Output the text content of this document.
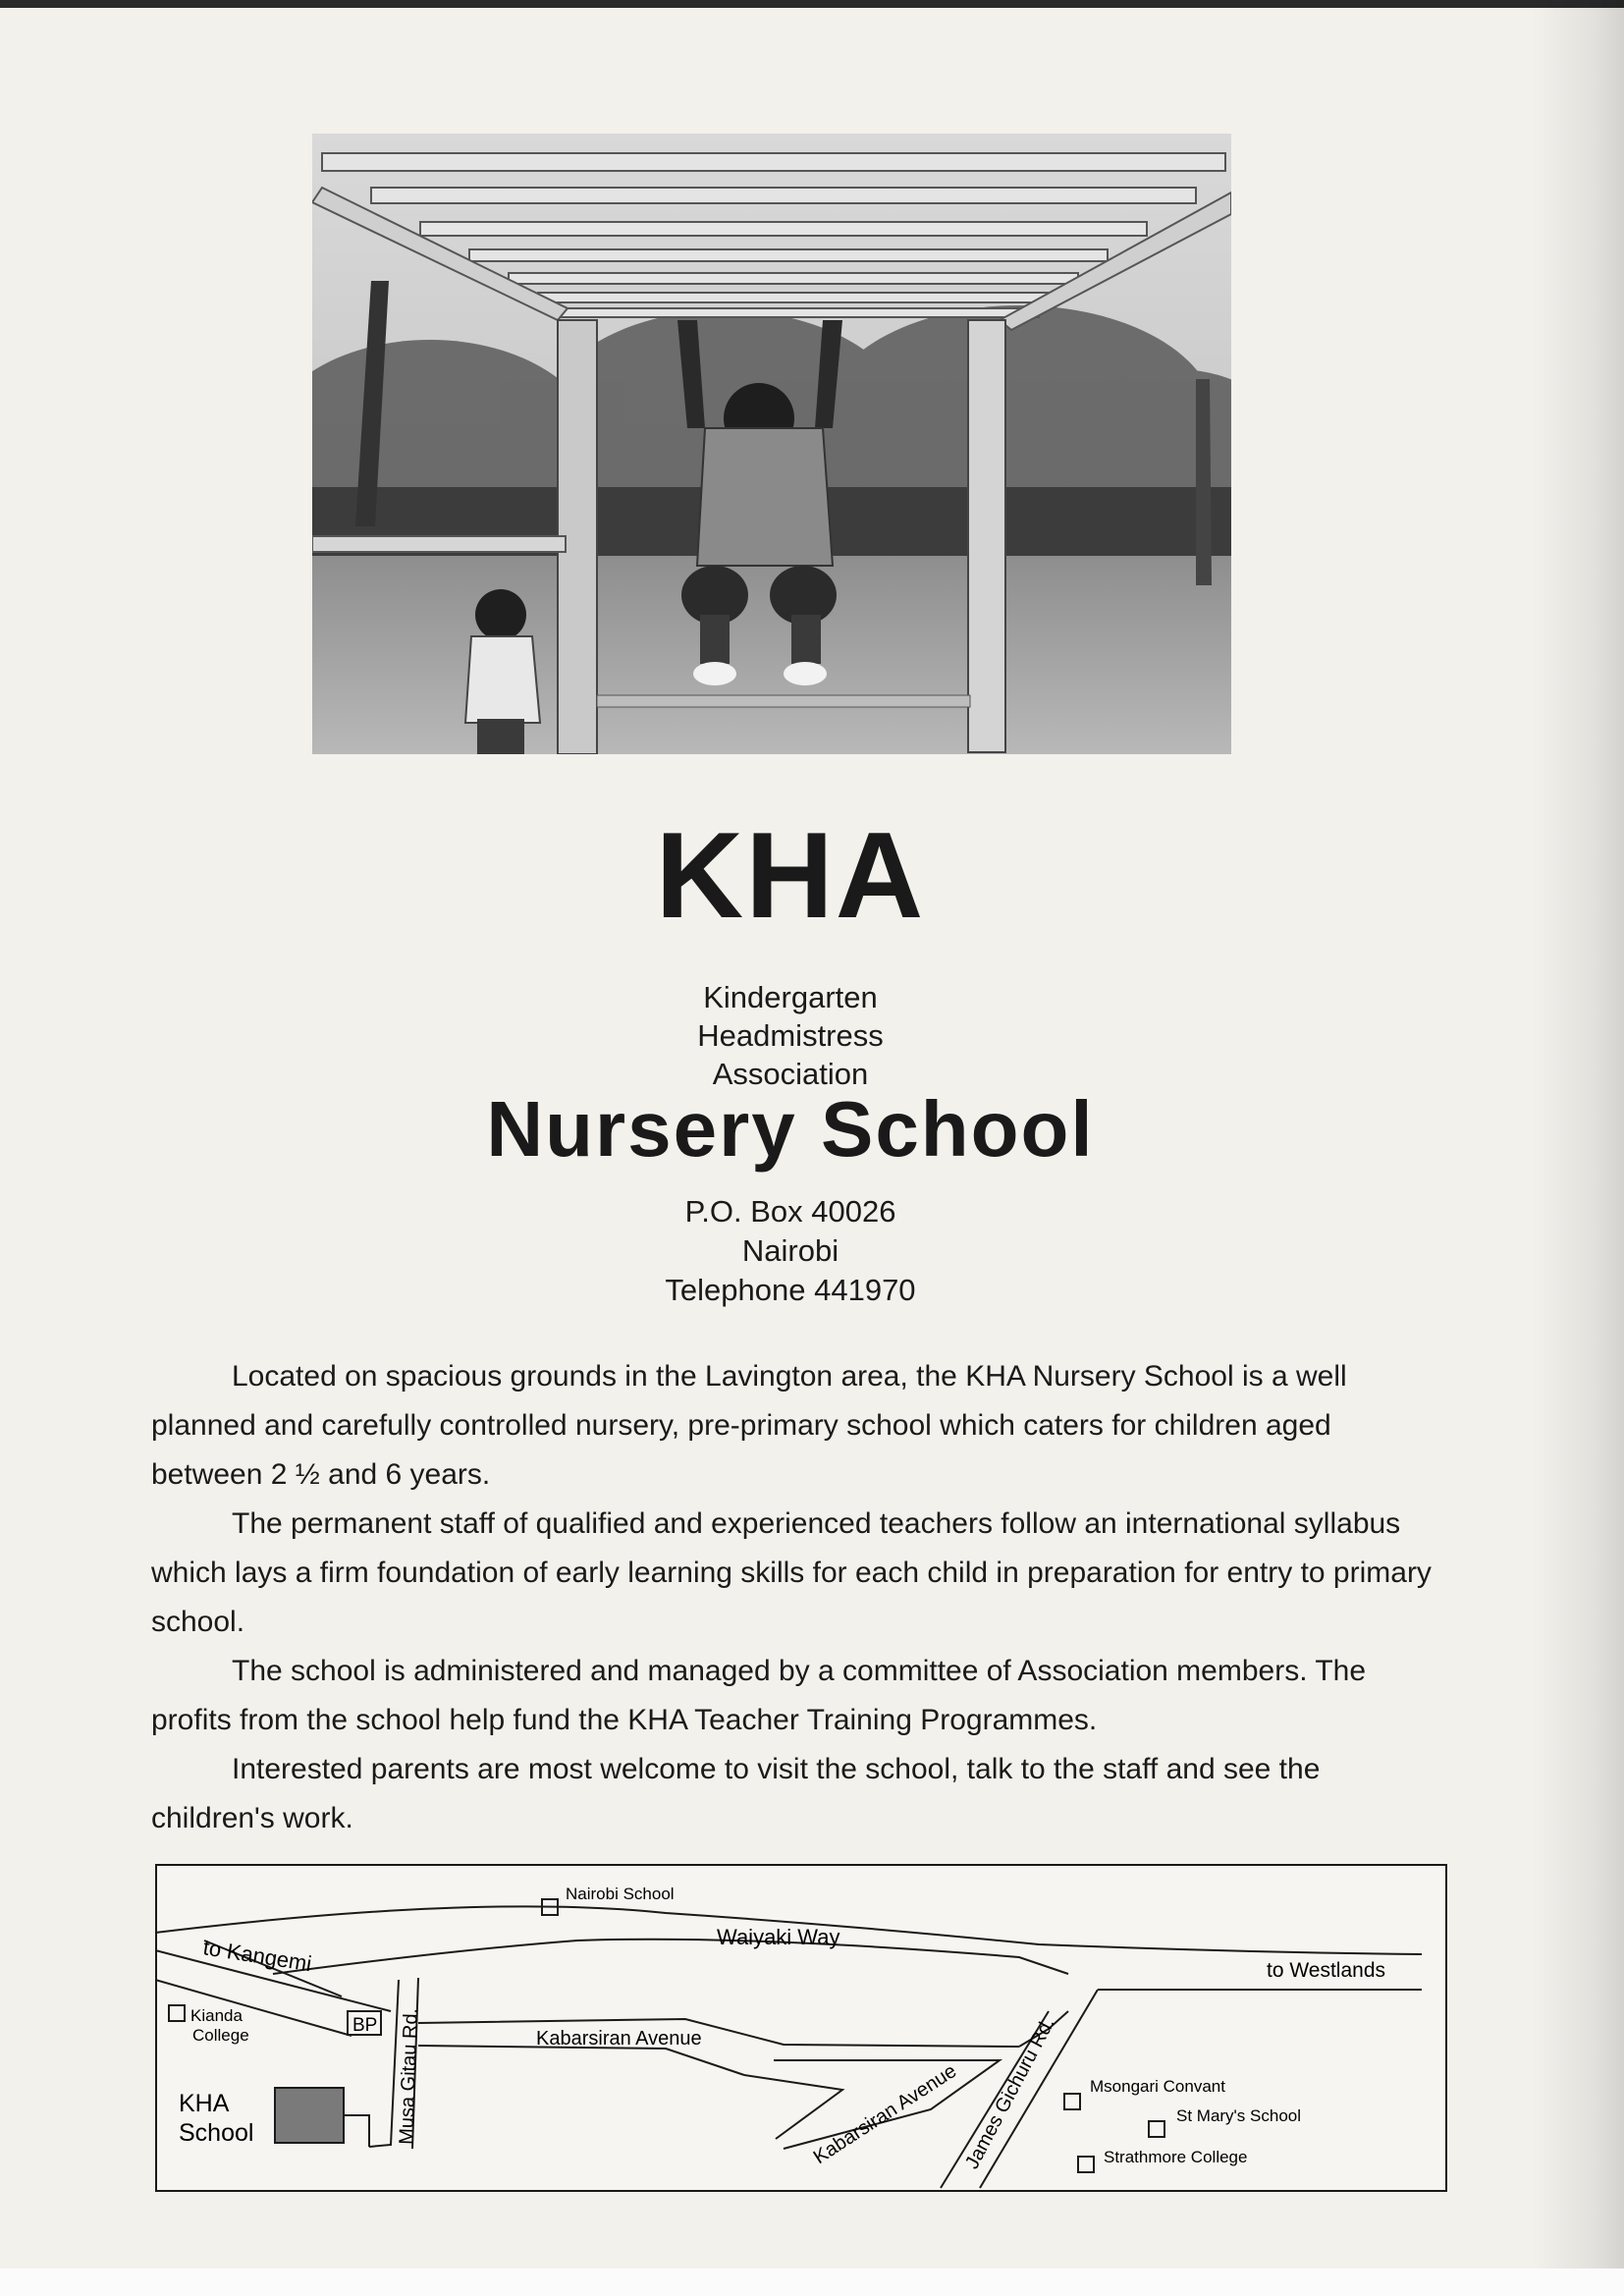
KHA
Kindergarten
Headmistress
Association
Nursery School
P.O. Box 40026
Nairobi
Telephone 441970

Located on spacious grounds in the Lavington area, the KHA Nursery School is a well planned and carefully controlled nursery, pre-primary school which caters for children aged between 2 ½ and 6 years.

The permanent staff of qualified and experienced teachers follow an international syllabus which lays a firm foundation of early learning skills for each child in preparation for entry to primary school.

The school is administered and managed by a committee of Association members. The profits from the school help fund the KHA Teacher Training Programmes.

Interested parents are most welcome to visit the school, talk to the staff and see the children's work.

BP
Nairobi School
Waiyaki Way
to Westlands
to Kangemi
Kianda
College	Kabarsiran Avenue
Kabarsiran Avenue James Gichuru Rd.
Musa Gitau Rd.
KHA
School
Msongari Convant
St Mary's School
Strathmore College
